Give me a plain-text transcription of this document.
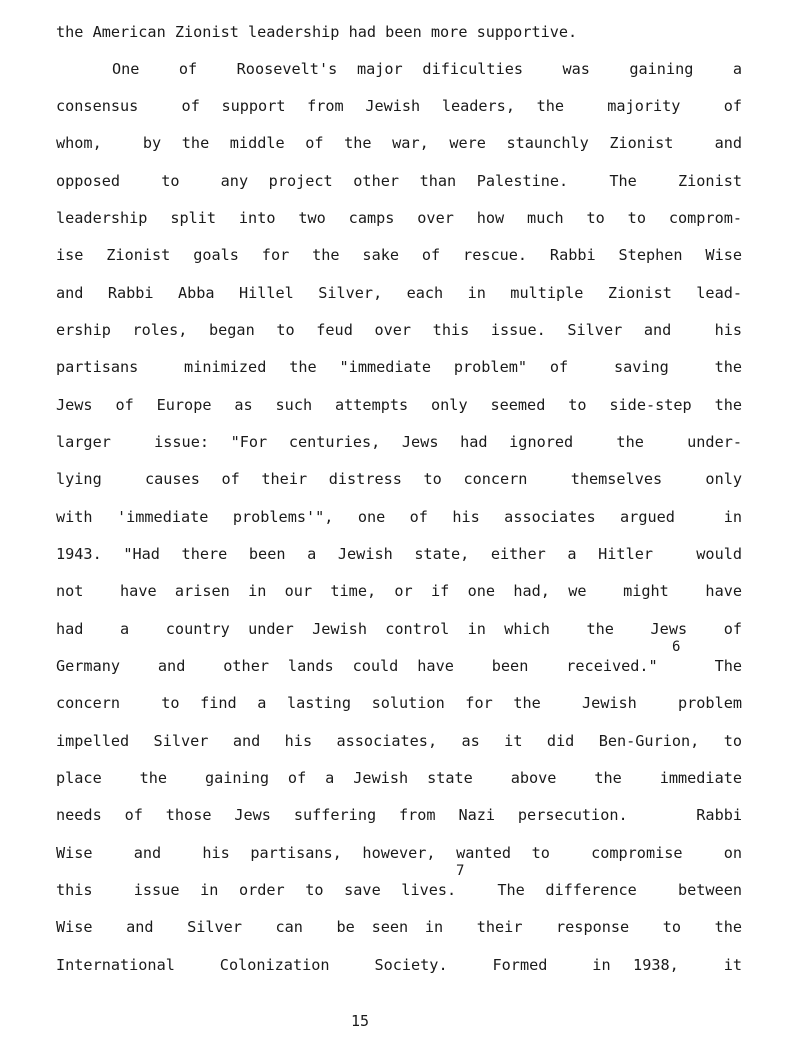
the American Zionist leadership had been more supportive.
One  of  Roosevelt's major dificulties  was  gaining  a
consensus  of support from Jewish leaders, the  majority  of
whom,  by the middle of the war, were staunchly Zionist  and
opposed  to  any project other than Palestine.  The  Zionist
leadership split into two camps over how much to to comprom-
ise Zionist goals for the sake of rescue. Rabbi Stephen Wise
and Rabbi Abba Hillel Silver, each in multiple Zionist lead-
ership roles, began to feud over this issue. Silver and  his
partisans  minimized the "immediate problem" of  saving  the
Jews of Europe as such attempts only seemed to side-step the
larger  issue: "For centuries, Jews had ignored  the  under-
lying  causes of their distress to concern  themselves  only
with 'immediate problems'", one of his associates argued  in
1943. "Had there been a Jewish state, either a Hitler  would
not  have arisen in our time, or if one had, we  might  have
had  a  country under Jewish control in which  the  Jews  of
6
Germany  and  other lands could have  been  received."   The
concern  to find a lasting solution for the  Jewish  problem
impelled Silver and his associates, as it did Ben-Gurion, to
place  the  gaining of a Jewish state  above  the  immediate
needs of those Jews suffering from Nazi persecution.   Rabbi
Wise  and  his partisans, however, wanted to  compromise  on
7
this  issue in order to save lives.  The difference  between
Wise  and  Silver  can  be seen in  their  response  to  the
International  Colonization  Society.  Formed  in 1938,  it
15
